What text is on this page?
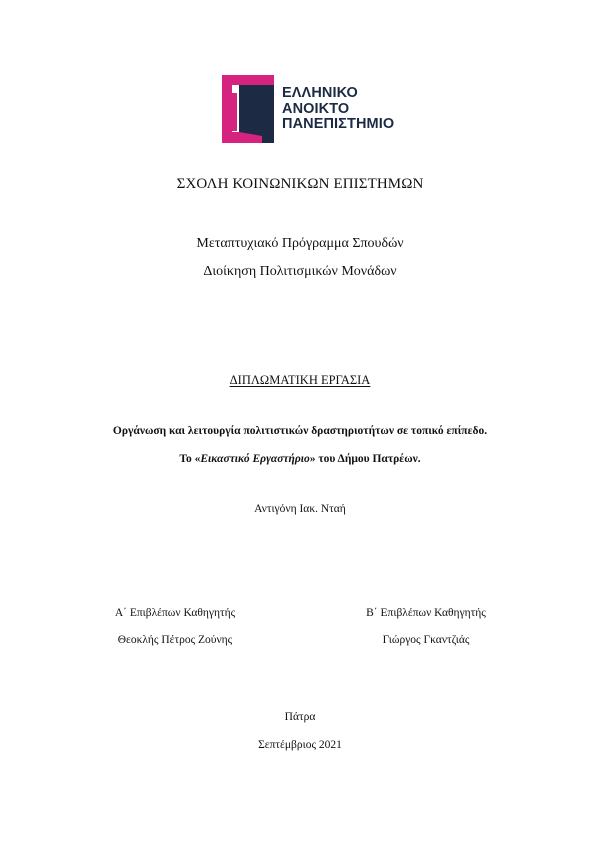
ΕΛΛΗΝΙΚΟ
ΑΝΟΙΚΤΟ
ΠΑΝΕΠΙΣΤΗΜΙΟ
ΣΧΟΛΗ ΚΟΙΝΩΝΙΚΩΝ ΕΠΙΣΤΗΜΩΝ
Μεταπτυχιακό Πρόγραμμα Σπουδών
Διοίκηση Πολιτισμικών Μονάδων
ΔΙΠΛΩΜΑΤΙΚΗ ΕΡΓΑΣΙΑ
Οργάνωση και λειτουργία πολιτιστικών δραστηριοτήτων σε τοπικό επίπεδο.
Το «Εικαστικό Εργαστήριο» του Δήμου Πατρέων.
Αντιγόνη Ιακ. Νταή
Α΄ Επιβλέπων Καθηγητής	Β΄ Επιβλέπων Καθηγητής
Θεοκλής Πέτρος Ζούνης	Γιώργος Γκαντζιάς
Πάτρα
Σεπτέμβριος 2021
